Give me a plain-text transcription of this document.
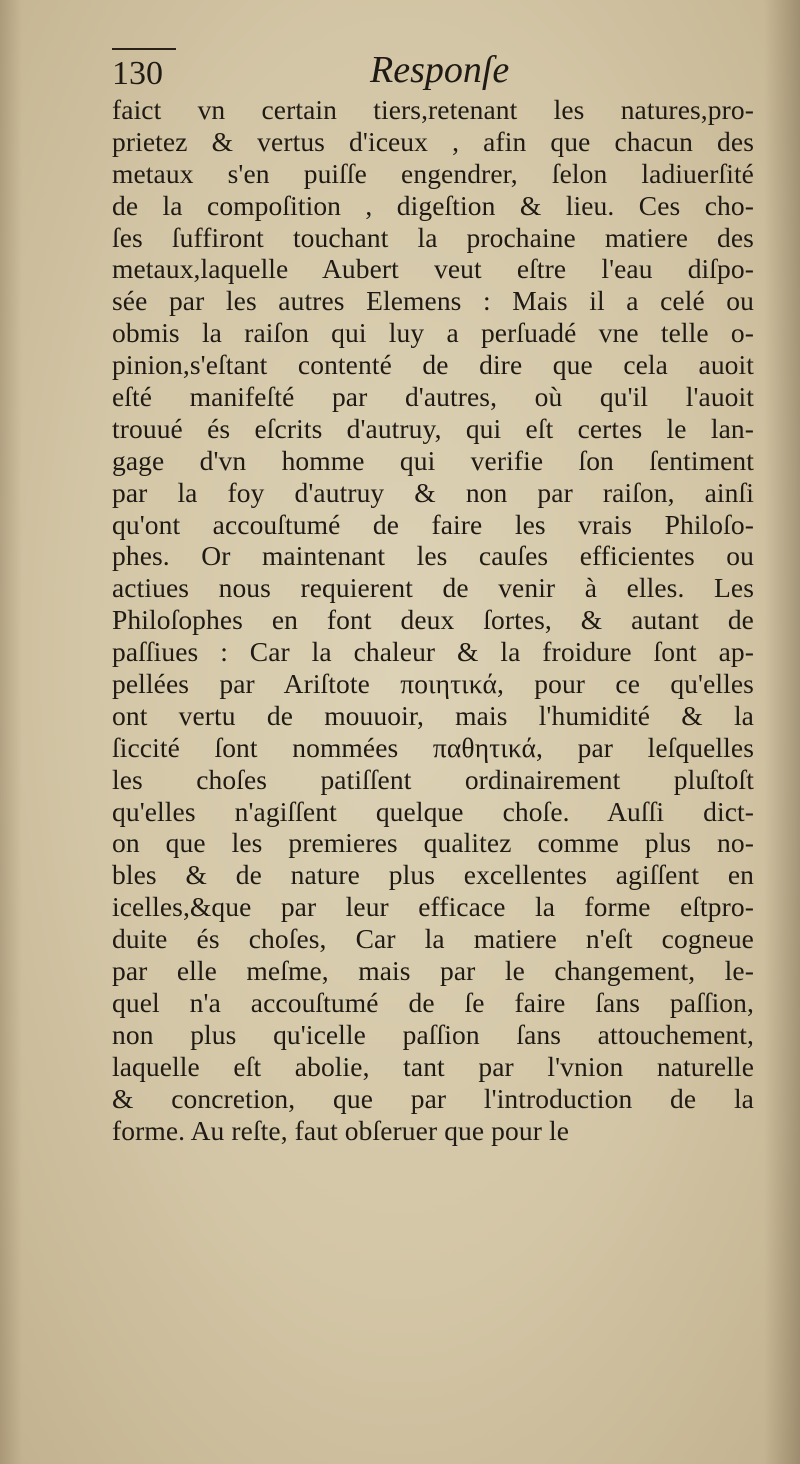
130	Responſe
faict vn certain tiers,retenant les natures,pro-
prietez & vertus d'iceux , afin que chacun des
metaux s'en puiſſe engendrer, ſelon ladiuerſité
de la compoſition , digeſtion & lieu. Ces cho-
ſes ſuffiront touchant la prochaine matiere des
metaux,laquelle Aubert veut eſtre l'eau diſpo-
sée par les autres Elemens : Mais il a celé ou
obmis la raiſon qui luy a perſuadé vne telle o-
pinion,s'eſtant contenté de dire que cela auoit
eſté manifeſté par d'autres, où qu'il l'auoit
trouué és eſcrits d'autruy, qui eſt certes le lan-
gage d'vn homme qui verifie ſon ſentiment
par la foy d'autruy & non par raiſon, ainſi
qu'ont accouſtumé de faire les vrais Philoſo-
phes. Or maintenant les cauſes efficientes ou
actiues nous requierent de venir à elles. Les
Philoſophes en font deux ſortes, & autant de
paſſiues : Car la chaleur & la froidure ſont ap-
pellées par Ariſtote ποιητικά, pour ce qu'elles
ont vertu de mouuoir, mais l'humidité & la
ſiccité ſont nommées παθητικά, par leſquelles
les choſes patiſſent ordinairement pluſtoſt
qu'elles n'agiſſent quelque choſe. Auſſi dict-
on que les premieres qualitez comme plus no-
bles & de nature plus excellentes agiſſent en
icelles,&que par leur efficace la forme eſtpro-
duite és choſes, Car la matiere n'eſt cogneue
par elle meſme, mais par le changement, le-
quel n'a accouſtumé de ſe faire ſans paſſion,
non plus qu'icelle paſſion ſans attouchement,
laquelle eſt abolie, tant par l'vnion naturelle
& concretion, que par l'introduction de la
forme. Au reſte, faut obſeruer que pour le
